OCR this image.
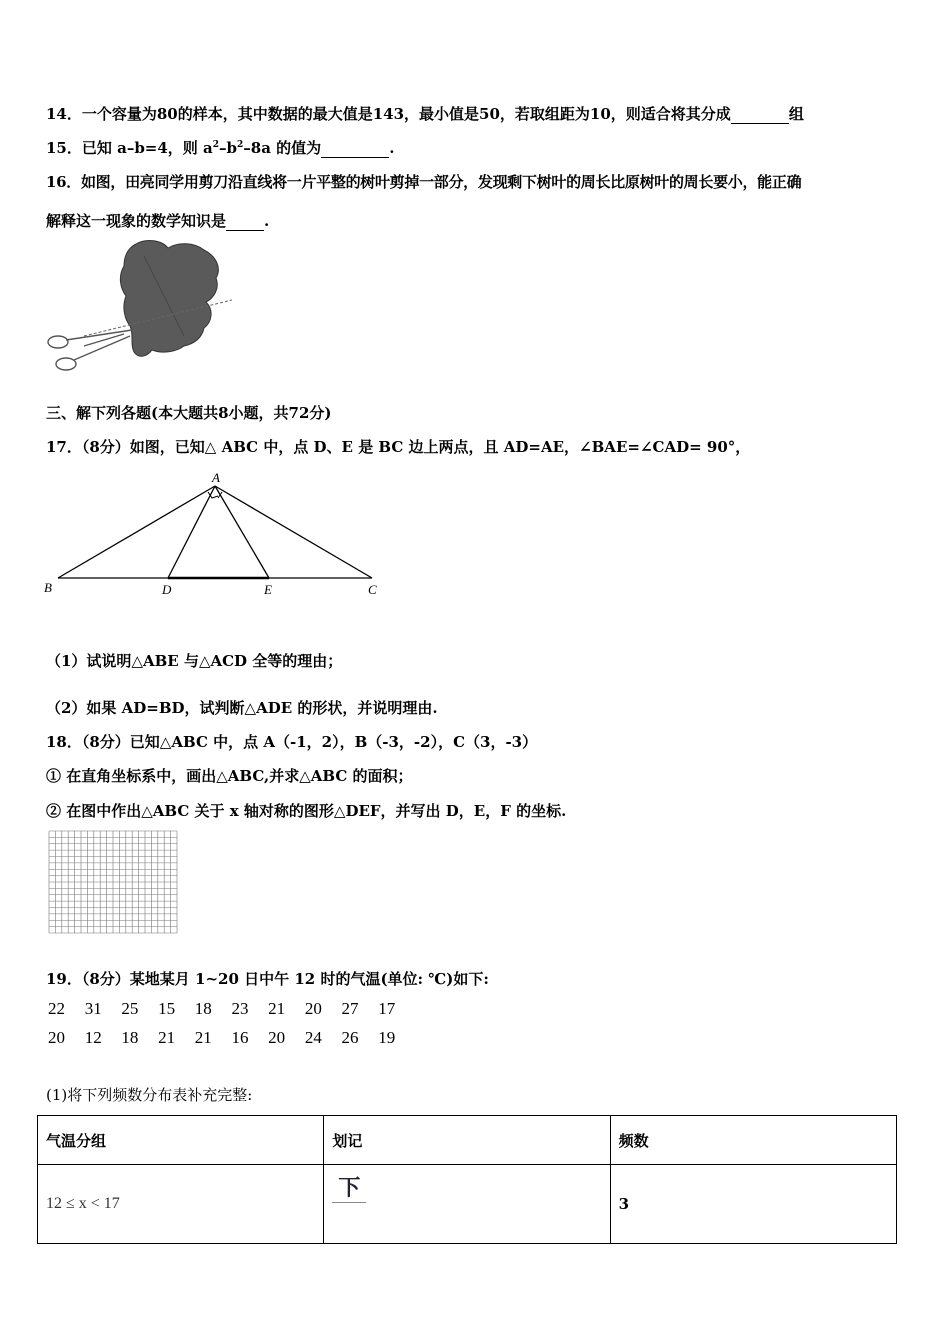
14．一个容量为80的样本，其中数据的最大值是143，最小值是50，若取组距为10，则适合将其分成	组
15．已知 a–b=4，则 $a^2-b^2-8a$ 的值为	.
16．如图，田亮同学用剪刀沿直线将一片平整的树叶剪掉一部分，发现剩下树叶的周长比原树叶的周长要小，能正确
解释这一现象的数学知识是	.
三、解下列各题(本大题共8小题，共72分)
17．（8分）如图，已知△ ABC 中，点 D、E 是 BC 边上两点，且 AD=AE，∠BAE=∠CAD= 90°，
A
B	D	E	C
（1）试说明△ABE 与△ACD 全等的理由；
（2）如果 AD=BD，试判断△ADE 的形状，并说明理由.
18．（8分）已知△ABC 中，点 A（-1，2），B（-3，-2），C（3，-3）
① 在直角坐标系中，画出△ABC,并求△ABC 的面积；
② 在图中作出△ABC 关于 x 轴对称的图形△DEF，并写出 D，E，F 的坐标.
19．（8分）某地某月 1~20 日中午 12 时的气温(单位: ℃)如下:
22 31 25 15 18 23 21 20 27 17
20 12 18 21 21 16 20 24 26 19
(1)将下列频数分布表补充完整:
气温分组	划记	频数
12 ≤ x < 17	下	3
